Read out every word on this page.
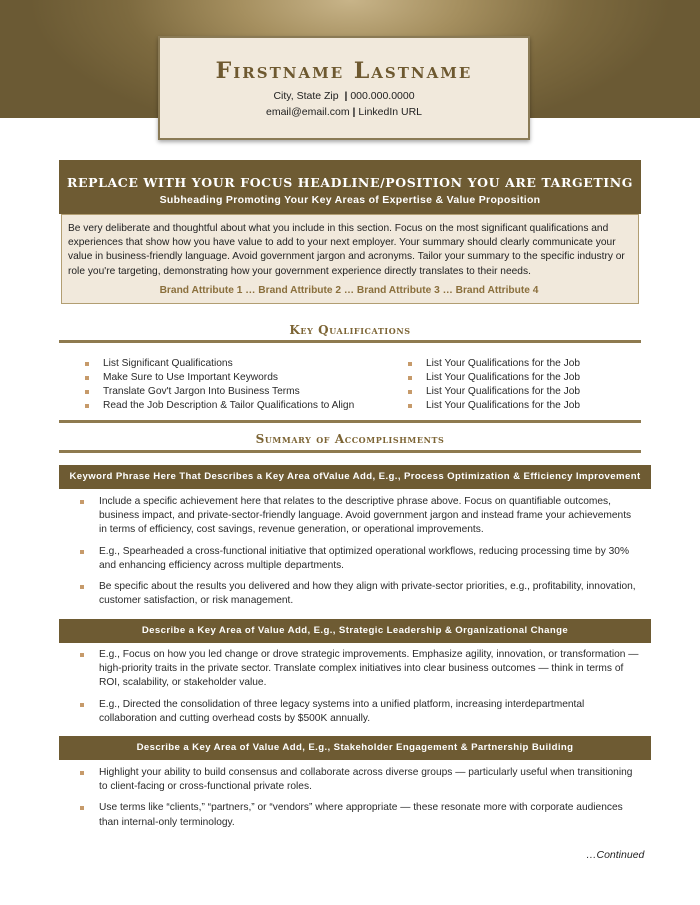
Firstname Lastname
City, State Zip | 000.000.0000
email@email.com | LinkedIn URL
REPLACE WITH YOUR FOCUS HEADLINE/POSITION YOU ARE TARGETING
Subheading Promoting Your Key Areas of Expertise & Value Proposition
Be very deliberate and thoughtful about what you include in this section. Focus on the most significant qualifications and experiences that show how you have value to add to your next employer. Your summary should clearly communicate your value in business-friendly language. Avoid government jargon and acronyms. Tailor your summary to the specific industry or role you're targeting, demonstrating how your government experience directly translates to their needs.
Brand Attribute 1 … Brand Attribute 2 … Brand Attribute 3 … Brand Attribute 4
Key Qualifications
List Significant Qualifications
Make Sure to Use Important Keywords
Translate Gov't Jargon Into Business Terms
Read the Job Description & Tailor Qualifications to Align
List Your Qualifications for the Job
List Your Qualifications for the Job
List Your Qualifications for the Job
List Your Qualifications for the Job
Summary of Accomplishments
Keyword Phrase Here That Describes a Key Area ofValue Add, E.g., Process Optimization & Efficiency Improvement
Include a specific achievement here that relates to the descriptive phrase above. Focus on quantifiable outcomes, business impact, and private-sector-friendly language. Avoid government jargon and instead frame your achievements in terms of efficiency, cost savings, revenue generation, or operational improvements.
E.g., Spearheaded a cross-functional initiative that optimized operational workflows, reducing processing time by 30% and enhancing efficiency across multiple departments.
Be specific about the results you delivered and how they align with private-sector priorities, e.g., profitability, innovation, customer satisfaction, or risk management.
Describe a Key Area of Value Add, E.g., Strategic Leadership & Organizational Change
E.g., Focus on how you led change or drove strategic improvements. Emphasize agility, innovation, or transformation — high-priority traits in the private sector. Translate complex initiatives into clear business outcomes — think in terms of ROI, scalability, or stakeholder value.
E.g., Directed the consolidation of three legacy systems into a unified platform, increasing interdepartmental collaboration and cutting overhead costs by $500K annually.
Describe a Key Area of Value Add, E.g., Stakeholder Engagement & Partnership Building
Highlight your ability to build consensus and collaborate across diverse groups — particularly useful when transitioning to client-facing or cross-functional private roles.
Use terms like “clients,” “partners,” or “vendors” where appropriate — these resonate more with corporate audiences than internal-only terminology.
…Continued
